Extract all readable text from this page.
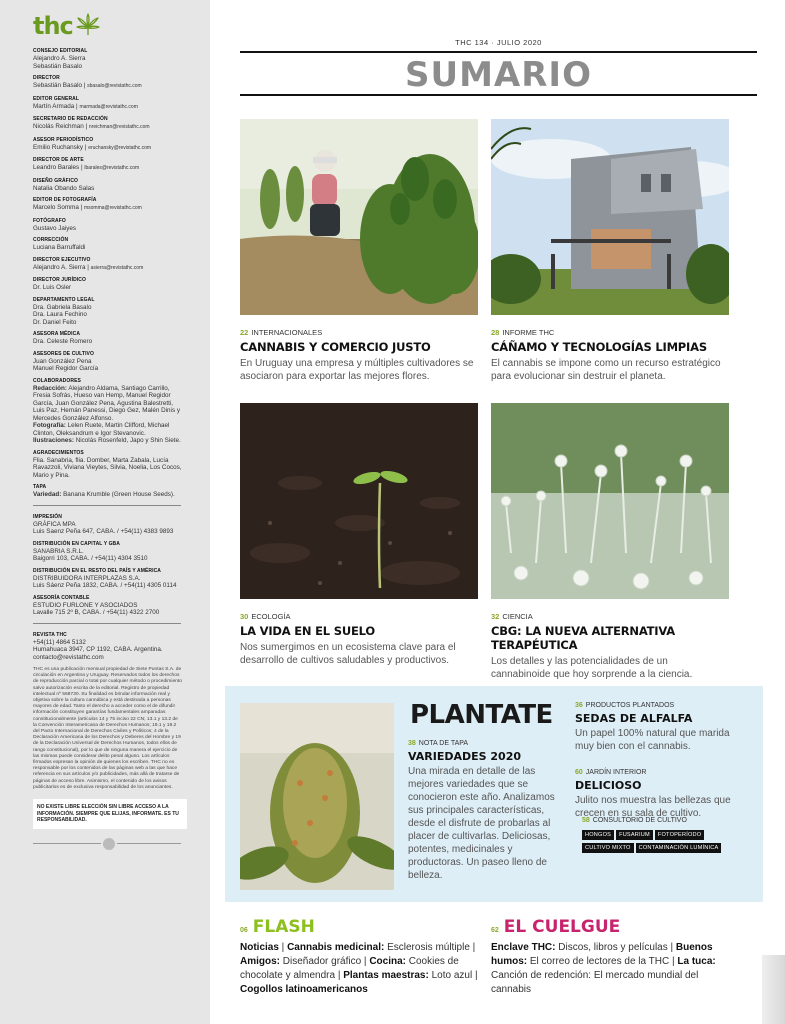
thc
CONSEJO EDITORIAL
Alejandro A. Sierra
Sebastián Basalo
DIRECTOR
Sebastián Basalo | sbasalo@revistathc.com
EDITOR GENERAL
Martín Armada | marmada@revistathc.com
SECRETARIO DE REDACCIÓN
Nicolás Reichman | nreichman@revistathc.com
ASESOR PERIODÍSTICO
Emilio Ruchansky | eruchansky@revistathc.com
DIRECTOR DE ARTE
Leandro Barales | lbarales@revistathc.com
DISEÑO GRÁFICO
Natalia Obando Salas
EDITOR DE FOTOGRAFÍA
Marcelo Somma | msomma@revistathc.com
FOTÓGRAFO
Gustavo Jaiyes
CORRECCIÓN
Luciana Barruffaldi
DIRECTOR EJECUTIVO
Alejandro A. Sierra | asierra@revistathc.com
DIRECTOR JURÍDICO
Dr. Luis Osler
DEPARTAMENTO LEGAL
Dra. Gabriela Basalo
Dra. Laura Fechino
Dr. Daniel Feito
ASESORA MÉDICA
Dra. Celeste Romero
ASESORES DE CULTIVO
Juan González Pena
Manuel Regidor García
COLABORADORES
Redacción: Alejandro Aldama, Santiago Carrillo, Fresia Sofrás, Hueso van Hemp, Manuel Regidor García, Juan González Pena, Agustina Balestretti, Luis Paz, Hernán Panessi, Diego Gez, Malén Dinis y Mercedes González Alfonso.
Fotografía: Lelen Ruete, Martin Clifford, Michael Clinton, Oleksandrum e Igor Stevanovic.
Ilustraciones: Nicolás Rosenfeld, Japo y Shin Siete.
AGRADECIMIENTOS
Flia. Sanabria, flia. Domber, Marta Zabala, Lucía Ravazzoli, Viviana Vieytes, Silvia, Noelia, Los Cocos, Mario y Pina.
TAPA
Variedad: Banana Krumble (Green House Seeds).
IMPRESIÓN
GRÁFICA MPA
Luis Saenz Peña 647, CABA. / +54(11) 4383 9893
DISTRIBUCIÓN EN CAPITAL Y GBA
SANABRIA S.R.L.
Baigorri 103, CABA. / +54(11) 4304 3510
DISTRIBUCIÓN EN EL RESTO DEL PAÍS Y AMÉRICA
DISTRIBUIDORA INTERPLAZAS S.A.
Luis Sáenz Peña 1832, CABA. / +54(11) 4305 0114
ASESORÍA CONTABLE
ESTUDIO FURLONE Y ASOCIADOS
Lavalle 715 2º B, CABA. / +54(11) 4322 2700
REVISTA THC
+54(11) 4864 5132
Humahuaca 3947, CP 1192, CABA. Argentina.
contacto@revistathc.com

THC es una publicación mensual propiedad de Siete Puntas S.A. de circulación en Argentina y Uruguay. Reservados todos los derechos de reproducción parcial o total por cualquier método o procedimiento salvo autorización escrita de la editorial. Registro de propiedad intelectual nº 568730. Su finalidad es brindar información real y objetiva sobre la cultura cannábica y está destinada a personas mayores de edad. Tanto el derecho a acceder como el de difundir información constituyen garantías fundamentales amparadas constitucionalmente (artículos 14 y 75 inciso 22 CN; 13.1 y 13.2 de la Convención Interamericana de Derechos Humanos; 19.1 y 19.2 del Pacto Internacional de Derechos Civiles y Políticos; 4 de la Declaración Americana de los Derechos y Deberes del Hombre y 19 de la Declaración Universal de Derechos Humanos, todos ellos de rango constitucional), por lo que de ninguna manera el ejercicio de las mismas puede considerar delito penal alguno. Los artículos firmados expresan la opinión de quienes los escriben. THC no es responsable por los contenidos de las páginas web a las que hace referencia en sus artículos y/o publicidades, más allá de tratarse de páginas de acceso libre. Asimismo, el contenido de los avisos publicitarios es de exclusiva responsabilidad de los anunciantes.

NO EXISTE LIBRE ELECCIÓN SIN LIBRE ACCESO A LA INFORMACIÓN. SIEMPRE QUE ELIJAS, INFORMATE. ES TU RESPONSABILIDAD.

THC 134 · JULIO 2020
SUMARIO
22 INTERNACIONALES
CANNABIS Y COMERCIO JUSTO

En Uruguay una empresa y múltiples cultivadores se asociaron para exportar las mejores flores.

28 INFORME THC
CÁÑAMO Y TECNOLOGÍAS LIMPIAS

El cannabis se impone como un recurso estratégico para evolucionar sin destruir el planeta.

30 ECOLOGÍA
LA VIDA EN EL SUELO

Nos sumergimos en un ecosistema clave para el desarrollo de cultivos saludables y productivos.

32 CIENCIA
CBG: LA NUEVA ALTERNATIVA TERAPÉUTICA

Los detalles y las potencialidades de un cannabinoide que hoy sorprende a la ciencia.

PLANTATE
38 NOTA DE TAPA
VARIEDADES 2020

Una mirada en detalle de las mejores variedades que se conocieron este año. Analizamos sus principales características, desde el disfrute de probarlas al placer de cultivarlas. Deliciosas, potentes, medicinales y productoras. Un paseo lleno de belleza.

36 PRODUCTOS PLANTADOS
SEDAS DE ALFALFA

Un papel 100% natural que marida muy bien con el cannabis.

60 JARDÍN INTERIOR
DELICIOSO

Julito nos muestra las bellezas que crecen en su sala de cultivo.

58 CONSULTORIO DE CULTIVO
HONGOS	FUSARIUM	FOTOPERÍODO
CULTIVO MIXTO	CONTAMINACIÓN LUMÍNICA
06 FLASH

Noticias | Cannabis medicinal: Esclerosis múltiple | Amigos: Diseñador gráfico | Cocina: Cookies de chocolate y almendra | Plantas maestras: Loto azul | Cogollos latinoamericanos

62 EL CUELGUE

Enclave THC: Discos, libros y películas | Buenos humos: El correo de lectores de la THC | La tuca: Canción de redención: El mercado mundial del cannabis
